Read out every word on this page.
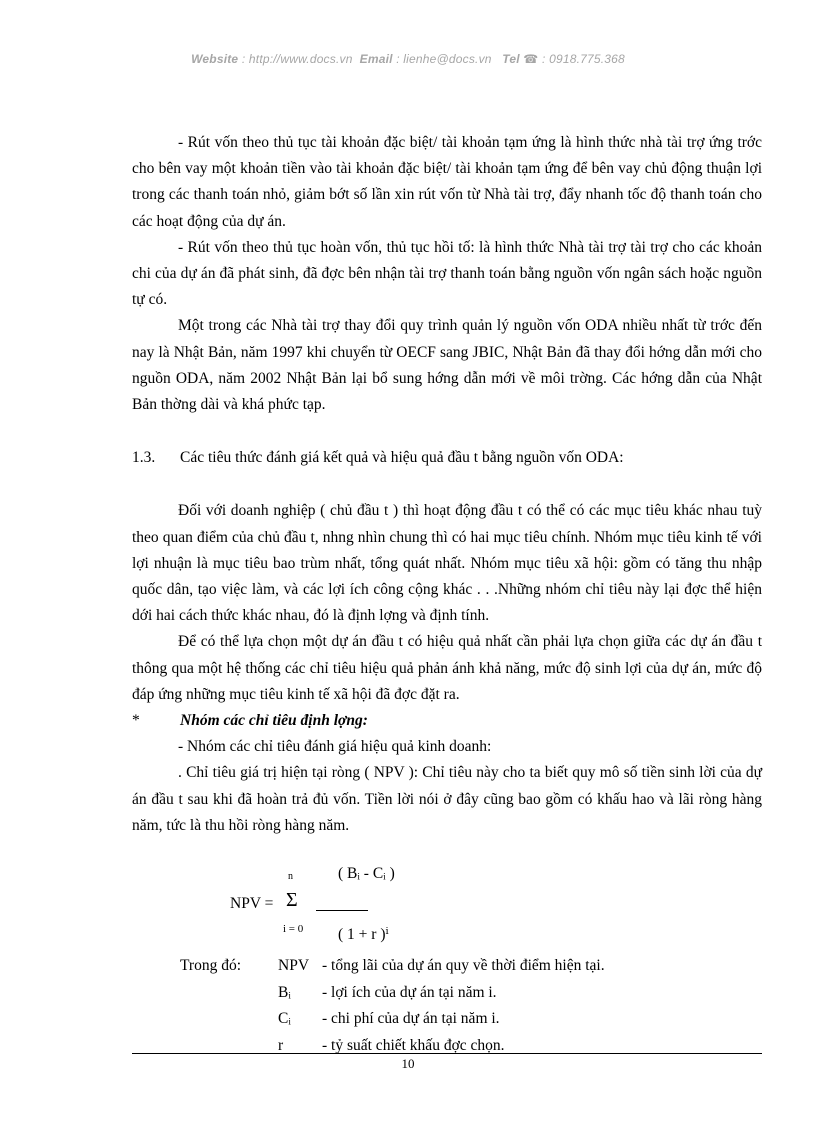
Website : http://www.docs.vn Email : lienhe@docs.vn Tel ☎ : 0918.775.368

- Rút vốn theo thủ tục tài khoản đặc biệt/ tài khoản tạm ứng là hình thức nhà tài trợ ứng trớc cho bên vay một khoản tiền vào tài khoản đặc biệt/ tài khoản tạm ứng để bên vay chủ động thuận lợi trong các thanh toán nhỏ, giảm bớt số lần xin rút vốn từ Nhà tài trợ, đẩy nhanh tốc độ thanh toán cho các hoạt động của dự án.

- Rút vốn theo thủ tục hoàn vốn, thủ tục hồi tố: là hình thức Nhà tài trợ tài trợ cho các khoản chi của dự án đã phát sinh, đã đợc bên nhận tài trợ thanh toán bằng nguồn vốn ngân sách hoặc nguồn tự có.

Một trong các Nhà tài trợ thay đổi quy trình quản lý nguồn vốn ODA nhiều nhất từ trớc đến nay là Nhật Bản, năm 1997 khi chuyển từ OECF sang JBIC, Nhật Bản đã thay đổi hớng dẫn mới cho nguồn ODA, năm 2002 Nhật Bản lại bổ sung hớng dẫn mới về môi trờng. Các hớng dẫn của Nhật Bản thờng dài và khá phức tạp.

1.3. Các tiêu thức đánh giá kết quả và hiệu quả đầu t bằng nguồn vốn ODA:

Đối với doanh nghiệp ( chủ đầu t ) thì hoạt động đầu t có thể có các mục tiêu khác nhau tuỳ theo quan điểm của chủ đầu t, nhng nhìn chung thì có hai mục tiêu chính. Nhóm mục tiêu kinh tế với lợi nhuận là mục tiêu bao trùm nhất, tổng quát nhất. Nhóm mục tiêu xã hội: gồm có tăng thu nhập quốc dân, tạo việc làm, và các lợi ích công cộng khác . . .Những nhóm chỉ tiêu này lại đợc thể hiện dới hai cách thức khác nhau, đó là định lợng và định tính.

Để có thể lựa chọn một dự án đầu t có hiệu quả nhất cần phải lựa chọn giữa các dự án đầu t thông qua một hệ thống các chỉ tiêu hiệu quả phản ánh khả năng, mức độ sinh lợi của dự án, mức độ đáp ứng những mục tiêu kinh tế xã hội đã đợc đặt ra.

*	Nhóm các chỉ tiêu định lợng:

- Nhóm các chỉ tiêu đánh giá hiệu quả kinh doanh:

. Chỉ tiêu giá trị hiện tại ròng ( NPV ): Chỉ tiêu này cho ta biết quy mô số tiền sinh lời của dự án đầu t sau khi đã hoàn trả đủ vốn. Tiền lời nói ở đây cũng bao gồm có khấu hao và lãi ròng hàng năm, tức là thu hồi ròng hàng năm.

n	( Bᵢ - Cᵢ )
NPV = Σ
i = 0 ( 1 + r )ⁱ
Trong đó:	NPV - tổng lãi của dự án quy về thời điểm hiện tại.
Bᵢ	- lợi ích của dự án tại năm i.
Cᵢ	- chi phí của dự án tại năm i.
r	- tỷ suất chiết khấu đợc chọn.
10
